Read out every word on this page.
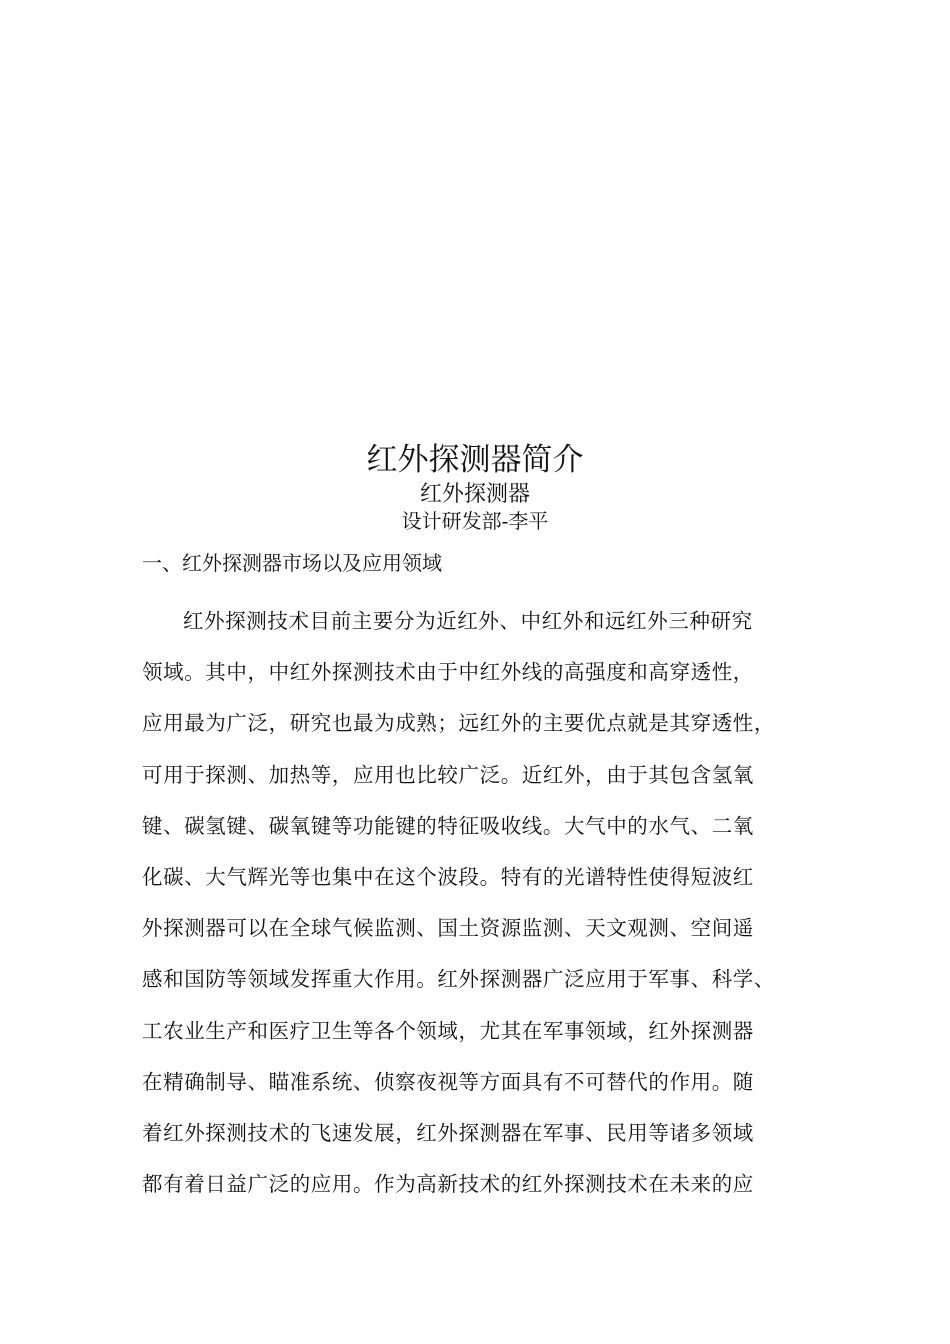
红外探测器简介
红外探测器
设计研发部-李平
一、红外探测器市场以及应用领域

红外探测技术目前主要分为近红外、中红外和远红外三种研究

领域。其中，中红外探测技术由于中红外线的高强度和高穿透性，

应用最为广泛，研究也最为成熟；远红外的主要优点就是其穿透性，

可用于探测、加热等，应用也比较广泛。近红外，由于其包含氢氧

键、碳氢键、碳氧键等功能键的特征吸收线。大气中的水气、二氧

化碳、大气辉光等也集中在这个波段。特有的光谱特性使得短波红

外探测器可以在全球气候监测、国土资源监测、天文观测、空间遥

感和国防等领域发挥重大作用。红外探测器广泛应用于军事、科学、

工农业生产和医疗卫生等各个领域，尤其在军事领域，红外探测器

在精确制导、瞄准系统、侦察夜视等方面具有不可替代的作用。随

着红外探测技术的飞速发展，红外探测器在军事、民用等诸多领域

都有着日益广泛的应用。作为高新技术的红外探测技术在未来的应
